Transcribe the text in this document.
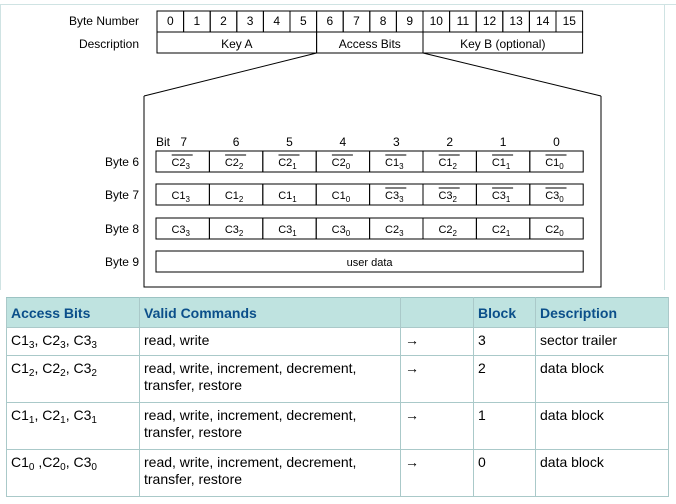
Byte Number 0 1 2 3 4 5 6 7 8 9 10 11 12 13 14 15
Description	Key A	Access Bits	Key B (optional)
Bit 7	6	5	4	3	2	1	0
Byte 6	$C2_3$	$C2_2$	$C2_1$	$C2_0$	$C1_3$	$C1_2$	$C1_1$	$C1_0$
Byte 7	$C1_3$	$C1_2$	$C1_1$	$C1_0$	$C3_3$	$C3_2$	$C3_1$	$C3_0$
Byte 8	$C3_3$	$C3_2$	$C3_1$	$C3_0$	$C2_3$	$C2_2$	$C2_1$	$C2_0$
Byte 9	user data
Access Bits	Valid Commands		Block	Description
$C1_3$, $C2_3$, $C3_3$	read, write	→	3	sector trailer
$C1_2$, $C2_2$, $C3_2$	read, write, increment, decrement, transfer, restore	→	2	data block
$C1_1$, $C2_1$, $C3_1$	read, write, increment, decrement, transfer, restore	→	1	data block
$C1_0$ $,C2_0$, $C3_0$	read, write, increment, decrement, transfer, restore	→	0	data block
